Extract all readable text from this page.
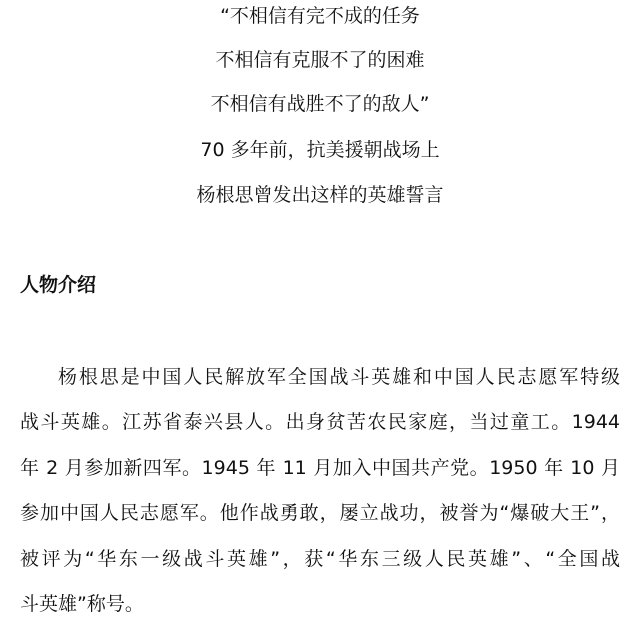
“不相信有完不成的任务
不相信有克服不了的困难
不相信有战胜不了的敌人”
70 多年前，抗美援朝战场上
杨根思曾发出这样的英雄誓言
人物介绍
杨根思是中国人民解放军全国战斗英雄和中国人民志愿军特级
战斗英雄。江苏省泰兴县人。出身贫苦农民家庭，当过童工。1944
年 2 月参加新四军。1945 年 11 月加入中国共产党。1950 年 10 月
参加中国人民志愿军。他作战勇敢，屡立战功，被誉为“爆破大王”，
被评为“华东一级战斗英雄”，获“华东三级人民英雄”、“全国战
斗英雄”称号。
